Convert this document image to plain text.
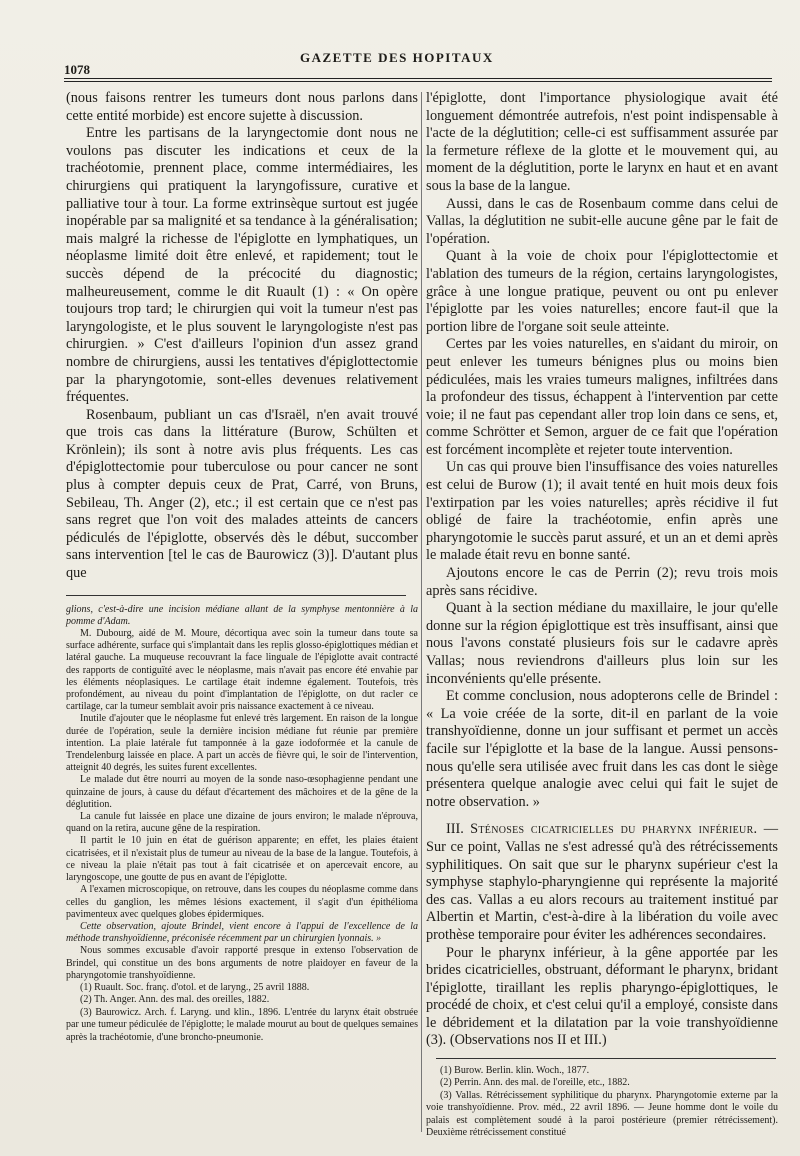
1078
GAZETTE DES HOPITAUX

(nous faisons rentrer les tumeurs dont nous parlons dans cette entité morbide) est encore sujette à discussion.

Entre les partisans de la laryngectomie dont nous ne voulons pas discuter les indications et ceux de la trachéotomie, prennent place, comme intermédiaires, les chirurgiens qui pratiquent la laryngofissure, curative et palliative tour à tour. La forme extrinsèque surtout est jugée inopérable par sa malignité et sa tendance à la généralisation; mais malgré la richesse de l'épiglotte en lymphatiques, un néoplasme limité doit être enlevé, et rapidement; tout le succès dépend de la précocité du diagnostic; malheureusement, comme le dit Ruault (1) : « On opère toujours trop tard; le chirurgien qui voit la tumeur n'est pas laryngologiste, et le plus souvent le laryngologiste n'est pas chirurgien. » C'est d'ailleurs l'opinion d'un assez grand nombre de chirurgiens, aussi les tentatives d'épiglottectomie par la pharyngotomie, sont-elles devenues relativement fréquentes.

Rosenbaum, publiant un cas d'Israël, n'en avait trouvé que trois cas dans la littérature (Burow, Schülten et Krönlein); ils sont à notre avis plus fréquents. Les cas d'épiglottectomie pour tuberculose ou pour cancer ne sont plus à compter depuis ceux de Prat, Carré, von Bruns, Sebileau, Th. Anger (2), etc.; il est certain que ce n'est pas sans regret que l'on voit des malades atteints de cancers pédiculés de l'épiglotte, observés dès le début, succomber sans intervention [tel le cas de Baurowicz (3)]. D'autant plus que

glions, c'est-à-dire une incision médiane allant de la symphyse mentonnière à la pomme d'Adam.

M. Dubourg, aidé de M. Moure, décortiqua avec soin la tumeur dans toute sa surface adhérente, surface qui s'implantait dans les replis glosso-épiglottiques médian et latéral gauche. La muqueuse recouvrant la face linguale de l'épiglotte avait contracté des rapports de contiguïté avec le néoplasme, mais n'avait pas encore été envahie par les éléments néoplasiques. Le cartilage était indemne également. Toutefois, très profondément, au niveau du point d'implantation de l'épiglotte, on dut racler ce cartilage, car la tumeur semblait avoir pris naissance exactement à ce niveau.

Inutile d'ajouter que le néoplasme fut enlevé très largement. En raison de la longue durée de l'opération, seule la dernière incision médiane fut réunie par première intention. La plaie latérale fut tamponnée à la gaze iodoformée et la canule de Trendelenburg laissée en place. A part un accès de fièvre qui, le soir de l'intervention, atteignit 40 degrés, les suites furent excellentes.

Le malade dut être nourri au moyen de la sonde naso-œsophagienne pendant une quinzaine de jours, à cause du défaut d'écartement des mâchoires et de la gêne de la déglutition.

La canule fut laissée en place une dizaine de jours environ; le malade n'éprouva, quand on la retira, aucune gêne de la respiration.

Il partit le 10 juin en état de guérison apparente; en effet, les plaies étaient cicatrisées, et il n'existait plus de tumeur au niveau de la base de la langue. Toutefois, à ce niveau la plaie n'était pas tout à fait cicatrisée et on apercevait encore, au laryngoscope, une goutte de pus en avant de l'épiglotte.

A l'examen microscopique, on retrouve, dans les coupes du néoplasme comme dans celles du ganglion, les mêmes lésions exactement, il s'agit d'un épithélioma pavimenteux avec quelques globes épidermiques.

Cette observation, ajoute Brindel, vient encore à l'appui de l'excellence de la méthode transhyoïdienne, préconisée récemment par un chirurgien lyonnais. »

Nous sommes excusable d'avoir rapporté presque in extenso l'observation de Brindel, qui constitue un des bons arguments de notre plaidoyer en faveur de la pharyngotomie transhyoïdienne.

(1) Ruault. Soc. franç. d'otol. et de laryng., 25 avril 1888.

(2) Th. Anger. Ann. des mal. des oreilles, 1882.

(3) Baurowicz. Arch. f. Laryng. und klin., 1896. L'entrée du larynx était obstruée par une tumeur pédiculée de l'épiglotte; le malade mourut au bout de quelques semaines après la trachéotomie, d'une broncho-pneumonie.

l'épiglotte, dont l'importance physiologique avait été longuement démontrée autrefois, n'est point indispensable à l'acte de la déglutition; celle-ci est suffisamment assurée par la fermeture réflexe de la glotte et le mouvement qui, au moment de la déglutition, porte le larynx en haut et en avant sous la base de la langue.

Aussi, dans le cas de Rosenbaum comme dans celui de Vallas, la déglutition ne subit-elle aucune gêne par le fait de l'opération.

Quant à la voie de choix pour l'épiglottectomie et l'ablation des tumeurs de la région, certains laryngologistes, grâce à une longue pratique, peuvent ou ont pu enlever l'épiglotte par les voies naturelles; encore faut-il que la portion libre de l'organe soit seule atteinte.

Certes par les voies naturelles, en s'aidant du miroir, on peut enlever les tumeurs bénignes plus ou moins bien pédiculées, mais les vraies tumeurs malignes, infiltrées dans la profondeur des tissus, échappent à l'intervention par cette voie; il ne faut pas cependant aller trop loin dans ce sens, et, comme Schrötter et Semon, arguer de ce fait que l'opération est forcément incomplète et rejeter toute intervention.

Un cas qui prouve bien l'insuffisance des voies naturelles est celui de Burow (1); il avait tenté en huit mois deux fois l'extirpation par les voies naturelles; après récidive il fut obligé de faire la trachéotomie, enfin après une pharyngotomie le succès parut assuré, et un an et demi après le malade était revu en bonne santé.

Ajoutons encore le cas de Perrin (2); revu trois mois après sans récidive.

Quant à la section médiane du maxillaire, le jour qu'elle donne sur la région épiglottique est très insuffisant, ainsi que nous l'avons constaté plusieurs fois sur le cadavre après Vallas; nous reviendrons d'ailleurs plus loin sur les inconvénients qu'elle présente.

Et comme conclusion, nous adopterons celle de Brindel : « La voie créée de la sorte, dit-il en parlant de la voie transhyoïdienne, donne un jour suffisant et permet un accès facile sur l'épiglotte et la base de la langue. Aussi pensons-nous qu'elle sera utilisée avec fruit dans les cas dont le siège présentera quelque analogie avec celui qui fait le sujet de notre observation. »

III. Sténoses cicatricielles du pharynx inférieur. — Sur ce point, Vallas ne s'est adressé qu'à des rétrécissements syphilitiques. On sait que sur le pharynx supérieur c'est la symphyse staphylo-pharyngienne qui représente la majorité des cas. Vallas a eu alors recours au traitement institué par Albertin et Martin, c'est-à-dire à la libération du voile avec prothèse temporaire pour éviter les adhérences secondaires.

Pour le pharynx inférieur, à la gêne apportée par les brides cicatricielles, obstruant, déformant le pharynx, bridant l'épiglotte, tiraillant les replis pharyngo-épiglottiques, le procédé de choix, et c'est celui qu'il a employé, consiste dans le débridement et la dilatation par la voie transhyoïdienne (3). (Observations nos II et III.)

(1) Burow. Berlin. klin. Woch., 1877.

(2) Perrin. Ann. des mal. de l'oreille, etc., 1882.

(3) Vallas. Rétrécissement syphilitique du pharynx. Pharyngotomie externe par la voie transhyoïdienne. Prov. méd., 22 avril 1896. — Jeune homme dont le voile du palais est complètement soudé à la paroi postérieure (premier rétrécissement). Deuxième rétrécissement constitué
